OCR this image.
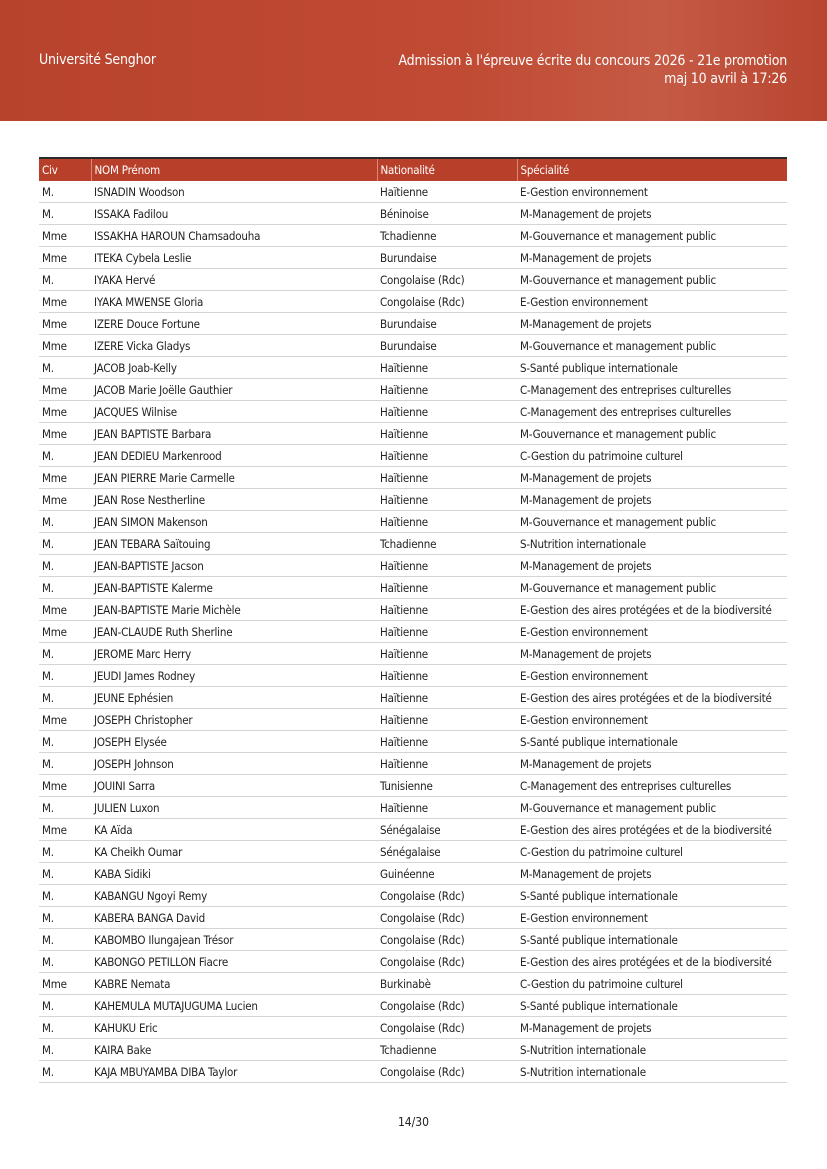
Université Senghor	Admission à l'épreuve écrite du concours 2026 - 21e promotion
maj 10 avril à 17:26
Civ	NOM Prénom	Nationalité	Spécialité
M.	ISNADIN Woodson	Haïtienne	E-Gestion environnement
M.	ISSAKA Fadilou	Béninoise	M-Management de projets
Mme	ISSAKHA HAROUN Chamsadouha	Tchadienne	M-Gouvernance et management public
Mme	ITEKA Cybela Leslie	Burundaise	M-Management de projets
M.	IYAKA Hervé	Congolaise (Rdc)	M-Gouvernance et management public
Mme	IYAKA MWENSE Gloria	Congolaise (Rdc)	E-Gestion environnement
Mme	IZERE Douce Fortune	Burundaise	M-Management de projets
Mme	IZERE Vicka Gladys	Burundaise	M-Gouvernance et management public
M.	JACOB Joab-Kelly	Haïtienne	S-Santé publique internationale
Mme	JACOB Marie Joëlle Gauthier	Haïtienne	C-Management des entreprises culturelles
Mme	JACQUES Wilnise	Haïtienne	C-Management des entreprises culturelles
Mme	JEAN BAPTISTE Barbara	Haïtienne	M-Gouvernance et management public
M.	JEAN DEDIEU Markenrood	Haïtienne	C-Gestion du patrimoine culturel
Mme	JEAN PIERRE Marie Carmelle	Haïtienne	M-Management de projets
Mme	JEAN Rose Nestherline	Haïtienne	M-Management de projets
M.	JEAN SIMON Makenson	Haïtienne	M-Gouvernance et management public
M.	JEAN TEBARA Saïtouing	Tchadienne	S-Nutrition internationale
M.	JEAN-BAPTISTE Jacson	Haïtienne	M-Management de projets
M.	JEAN-BAPTISTE Kalerme	Haïtienne	M-Gouvernance et management public
Mme	JEAN-BAPTISTE Marie Michèle	Haïtienne	E-Gestion des aires protégées et de la biodiversité
Mme	JEAN-CLAUDE Ruth Sherline	Haïtienne	E-Gestion environnement
M.	JEROME Marc Herry	Haïtienne	M-Management de projets
M.	JEUDI James Rodney	Haïtienne	E-Gestion environnement
M.	JEUNE Ephésien	Haïtienne	E-Gestion des aires protégées et de la biodiversité
Mme	JOSEPH Christopher	Haïtienne	E-Gestion environnement
M.	JOSEPH Elysée	Haïtienne	S-Santé publique internationale
M.	JOSEPH Johnson	Haïtienne	M-Management de projets
Mme	JOUINI Sarra	Tunisienne	C-Management des entreprises culturelles
M.	JULIEN Luxon	Haïtienne	M-Gouvernance et management public
Mme	KA Aïda	Sénégalaise	E-Gestion des aires protégées et de la biodiversité
M.	KA Cheikh Oumar	Sénégalaise	C-Gestion du patrimoine culturel
M.	KABA Sidiki	Guinéenne	M-Management de projets
M.	KABANGU Ngoyi Remy	Congolaise (Rdc)	S-Santé publique internationale
M.	KABERA BANGA David	Congolaise (Rdc)	E-Gestion environnement
M.	KABOMBO Ilungajean Trésor	Congolaise (Rdc)	S-Santé publique internationale
M.	KABONGO PETILLON Fiacre	Congolaise (Rdc)	E-Gestion des aires protégées et de la biodiversité
Mme	KABRE Nemata	Burkinabè	C-Gestion du patrimoine culturel
M.	KAHEMULA MUTAJUGUMA Lucien	Congolaise (Rdc)	S-Santé publique internationale
M.	KAHUKU Eric	Congolaise (Rdc)	M-Management de projets
M.	KAIRA Bake	Tchadienne	S-Nutrition internationale
M.	KAJA MBUYAMBA DIBA Taylor	Congolaise (Rdc)	S-Nutrition internationale
14/30
